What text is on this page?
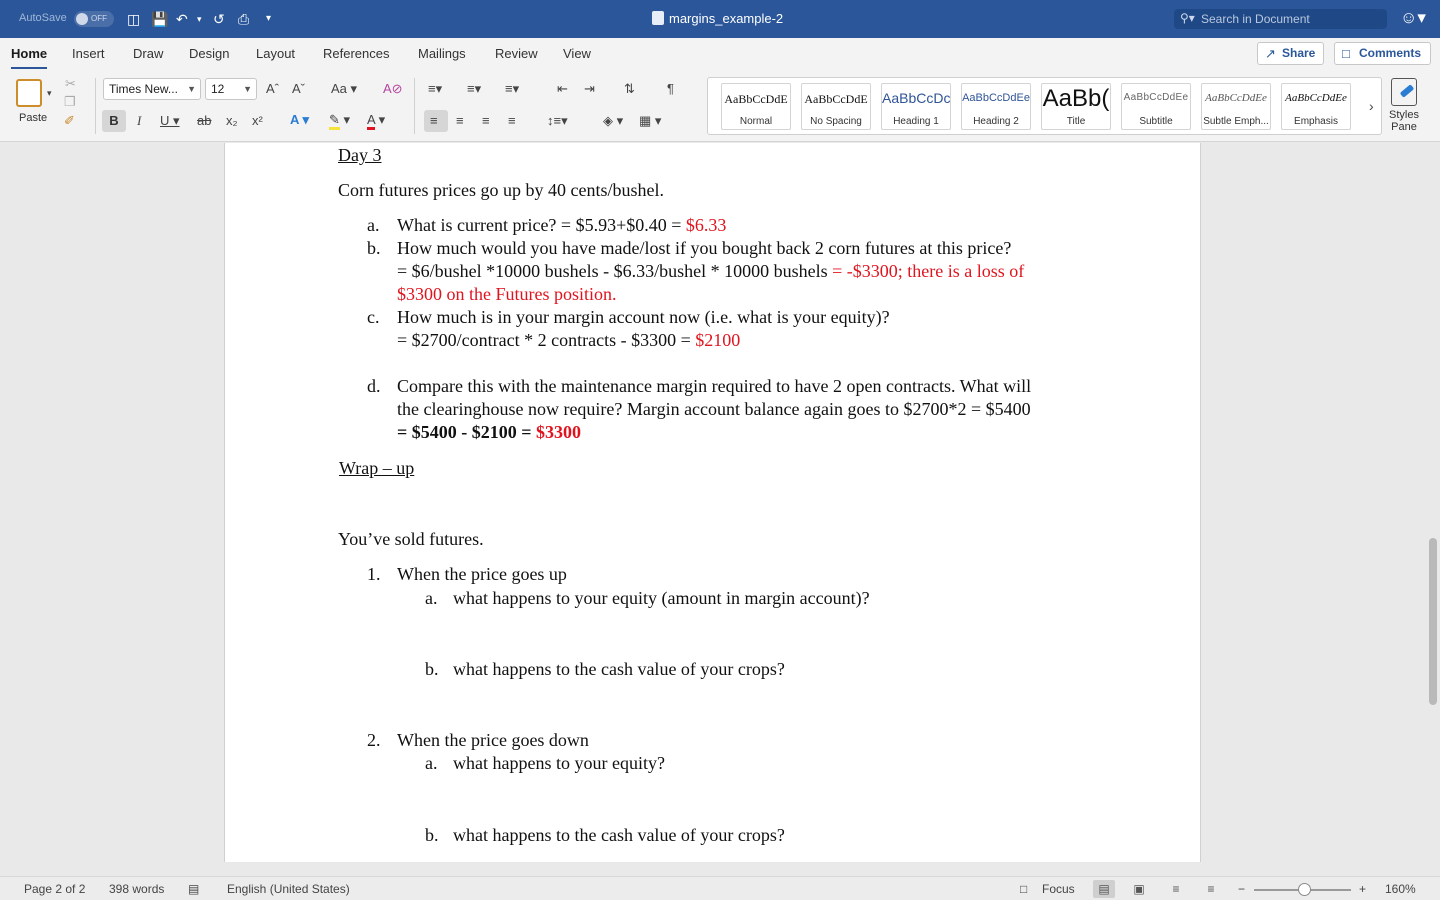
AutoSave	OFF ◫ 💾 ↶ ▾ ↺ ⎙ ▾	margins_example-2	⚲▾ Search in Document	☺▾
Home Insert Draw Design Layout References Mailings Review View	↗ Share	□ Comments
▾
Paste
✂
❐
✐
Times New... ▼	12 ▼ Aˆ Aˇ Aa ▾ A⊘
B	I U ▾ ab x₂ x² A ▾ ✎ ▾ A ▾
≡▾ ≡▾ ≡▾	⇤ ⇥ ⇅ ¶
≡ ≡ ≡ ≡ ↕≡▾	◈ ▾ ▦ ▾
AaBbCcDdE
Normal
AaBbCcDdE
No Spacing
AaBbCcDc
Heading 1
AaBbCcDdEe
Heading 2
AaBb(
Title
AaBbCcDdEe
Subtitle
AaBbCcDdEe
Subtle Emph...
AaBbCcDdEe
Emphasis
›
Styles Pane
Day 3
Corn futures prices go up by 40 cents/bushel.
a. What is current price? = $5.93+$0.40 = $6.33
b. How much would you have made/lost if you bought back 2 corn futures at this price?
= $6/bushel *10000 bushels - $6.33/bushel * 10000 bushels = -$3300; there is a loss of
$3300 on the Futures position.
c. How much is in your margin account now (i.e. what is your equity)?
= $2700/contract * 2 contracts - $3300 = $2100
d. Compare this with the maintenance margin required to have 2 open contracts. What will
the clearinghouse now require? Margin account balance again goes to $2700*2 = $5400
= $5400 - $2100 = $3300
Wrap – up
You’ve sold futures.
1. When the price goes up
a. what happens to your equity (amount in margin account)?
b. what happens to the cash value of your crops?
2. When the price goes down
a. what happens to your equity?
b. what happens to the cash value of your crops?
Page 2 of 2 398 words ▤ English (United States)	□ Focus	▤	▣	≡	≡	−	+ 160%
